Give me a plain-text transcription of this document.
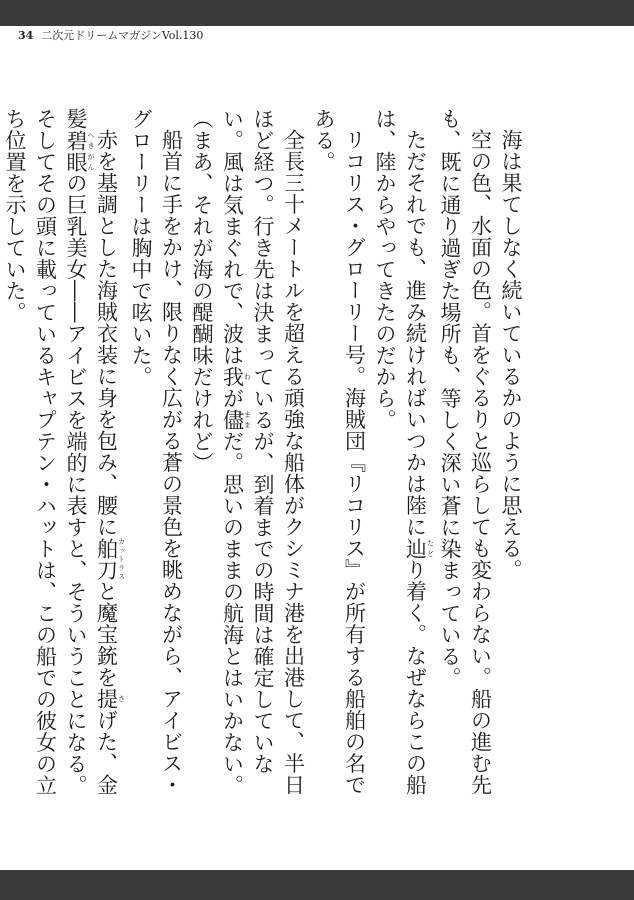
34 二次元ドリームマガジンVol.130

海は果てしなく続いているかのように思える。

空の色、水面の色。首をぐるりと巡らしても変わらない。船の進む先も、既に通り過ぎた場所も、等しく深い蒼に染まっている。

ただそれでも、進み続ければいつかは陸に辿 たどり着く。なぜならこの船は、陸からやってきたのだから。

リコリス・グローリー号。海賊団『リコリス』が所有する船舶の名である。

全長三十メートルを超える頑強な船体がクシミナ港を出港して、半日ほど経つ。行き先は決まっているが、到着までの時間は確定していない。風は気まぐれで、波は我 わが儘 ままだ。思いのままの航海とはいかない。

（まあ、それが海の醍醐味だけれど）

船首に手をかけ、限りなく広がる蒼の景色を眺めながら、アイビス・グローリーは胸中で呟いた。

赤を基調とした海賊衣装に身を包み、腰に舶刀 カットラスと魔宝銃を提 さげた、金髪碧眼 へきがんの巨乳美女――アイビスを端的に表すと、そういうことになる。そしてその頭に載っているキャプテン・ハットは、この船での彼女の立ち位置を示していた。
